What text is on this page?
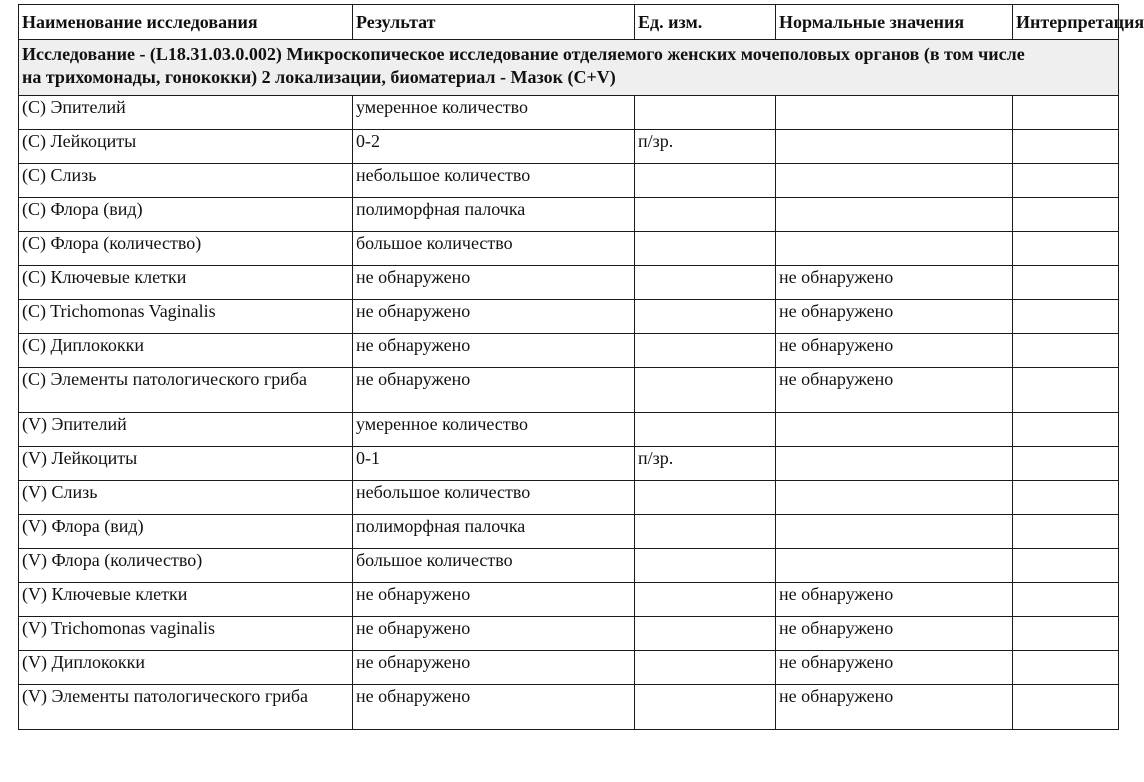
Наименование исследования	Результат	Ед. изм.	Нормальные значения	Интерпретация

Исследование - (L18.31.03.0.002) Микроскопическое исследование отделяемого женских мочеполовых органов (в том числе
на трихомонады, гонококки) 2 локализации, биоматериал - Мазок (C+V)				

(C) Эпителий	умеренное количество			
(C) Лейкоциты	0-2	п/зр.		
(C) Слизь	небольшое количество			
(C) Флора (вид)	полиморфная палочка			
(C) Флора (количество)	большое количество			
(C) Ключевые клетки	не обнаружено		не обнаружено	
(C) Trichomonas Vaginalis	не обнаружено		не обнаружено	
(C) Диплококки	не обнаружено		не обнаружено	
(C) Элементы патологического гриба	не обнаружено		не обнаружено	
(V) Эпителий	умеренное количество			
(V) Лейкоциты	0-1	п/зр.		
(V) Слизь	небольшое количество			
(V) Флора (вид)	полиморфная палочка			
(V) Флора (количество)	большое количество			
(V) Ключевые клетки	не обнаружено		не обнаружено	
(V) Trichomonas vaginalis	не обнаружено		не обнаружено	
(V) Диплококки	не обнаружено		не обнаружено	
(V) Элементы патологического гриба	не обнаружено		не обнаружено	
